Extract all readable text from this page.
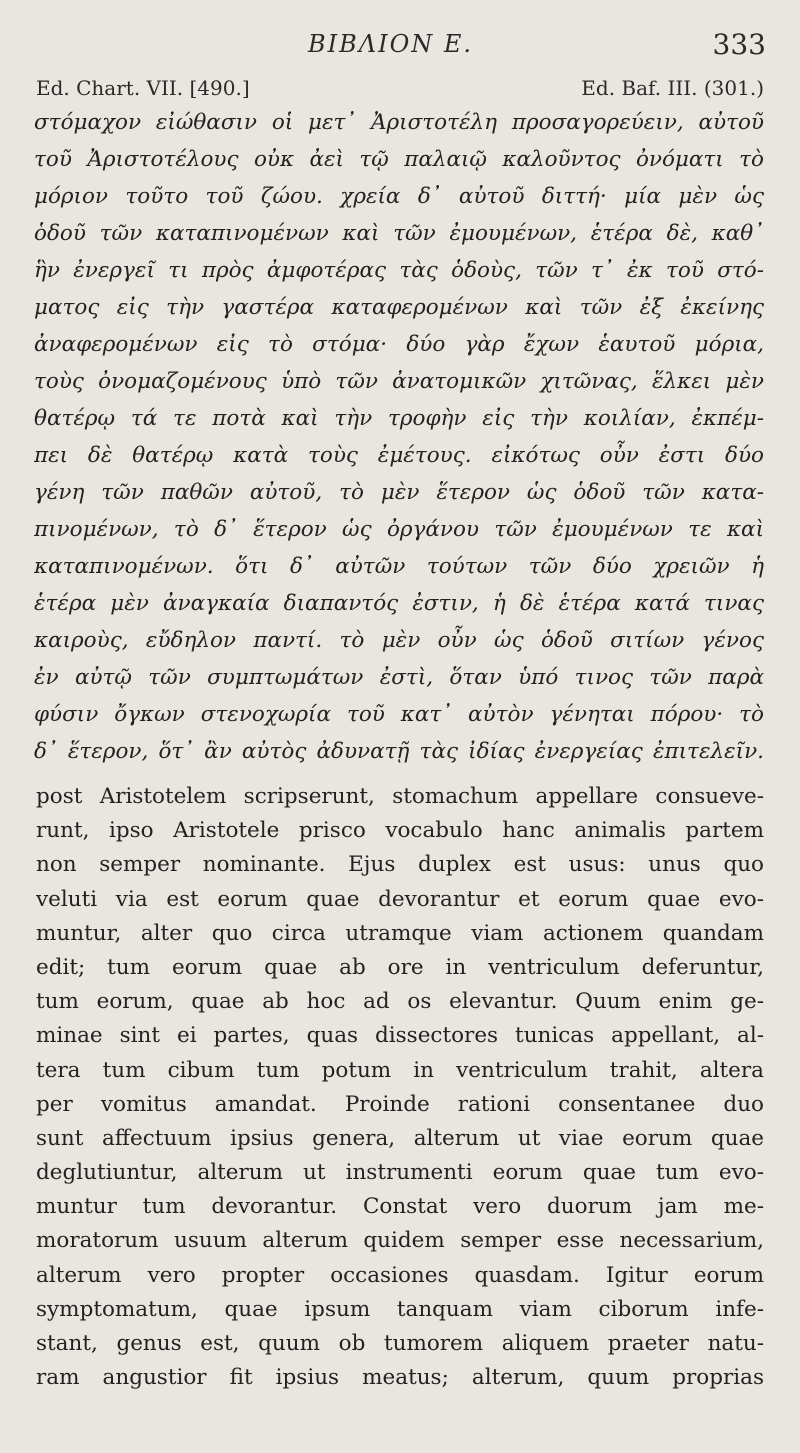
ΒΙΒΛΙΟΝ Ε.	333
Ed. Chart. VII. [490.]	Ed. Baf. III. (301.)
στόμαχον εἰώθασιν οἱ μετ᾽ Ἀριστοτέλη προσαγορεύειν, αὐτοῦ
τοῦ Ἀριστοτέλους οὐκ ἀεὶ τῷ παλαιῷ καλοῦντος ὀνόματι τὸ
μόριον τοῦτο τοῦ ζώου. χρεία δ᾽ αὐτοῦ διττή· μία μὲν ὡς
ὁδοῦ τῶν καταπινομένων καὶ τῶν ἐμουμένων, ἑτέρα δὲ, καθ᾽
ἣν ἐνεργεῖ τι πρὸς ἀμφοτέρας τὰς ὁδοὺς, τῶν τ᾽ ἐκ τοῦ στό-
ματος εἰς τὴν γαστέρα καταφερομένων καὶ τῶν ἐξ ἐκείνης
ἀναφερομένων εἰς τὸ στόμα· δύο γὰρ ἔχων ἑαυτοῦ μόρια,
τοὺς ὀνομαζομένους ὑπὸ τῶν ἀνατομικῶν χιτῶνας, ἕλκει μὲν
θατέρῳ τά τε ποτὰ καὶ τὴν τροφὴν εἰς τὴν κοιλίαν, ἐκπέμ-
πει δὲ θατέρῳ κατὰ τοὺς ἐμέτους. εἰκότως οὖν ἐστι δύο
γένη τῶν παθῶν αὐτοῦ, τὸ μὲν ἕτερον ὡς ὁδοῦ τῶν κατα-
πινομένων, τὸ δ᾽ ἕτερον ὡς ὀργάνου τῶν ἐμουμένων τε καὶ
καταπινομένων. ὅτι δ᾽ αὐτῶν τούτων τῶν δύο χρειῶν ἡ
ἑτέρα μὲν ἀναγκαία διαπαντός ἐστιν, ἡ δὲ ἑτέρα κατά τινας
καιροὺς, εὔδηλον παντί. τὸ μὲν οὖν ὡς ὁδοῦ σιτίων γένος
ἐν αὐτῷ τῶν συμπτωμάτων ἐστὶ, ὅταν ὑπό τινος τῶν παρὰ
φύσιν ὄγκων στενοχωρία τοῦ κατ᾽ αὐτὸν γένηται πόρου· τὸ
δ᾽ ἕτερον, ὅτ᾽ ἂν αὐτὸς ἀδυνατῇ τὰς ἰδίας ἐνεργείας ἐπιτελεῖν.
post Aristotelem scripserunt, stomachum appellare consueve-
runt, ipso Aristotele prisco vocabulo hanc animalis partem
non semper nominante. Ejus duplex est usus: unus quo
veluti via est eorum quae devorantur et eorum quae evo-
muntur, alter quo circa utramque viam actionem quandam
edit; tum eorum quae ab ore in ventriculum deferuntur,
tum eorum, quae ab hoc ad os elevantur. Quum enim ge-
minae sint ei partes, quas dissectores tunicas appellant, al-
tera tum cibum tum potum in ventriculum trahit, altera
per vomitus amandat. Proinde rationi consentanee duo
sunt affectuum ipsius genera, alterum ut viae eorum quae
deglutiuntur, alterum ut instrumenti eorum quae tum evo-
muntur tum devorantur. Constat vero duorum jam me-
moratorum usuum alterum quidem semper esse necessarium,
alterum vero propter occasiones quasdam. Igitur eorum
symptomatum, quae ipsum tanquam viam ciborum infe-
stant, genus est, quum ob tumorem aliquem praeter natu-
ram angustior fit ipsius meatus; alterum, quum proprias
